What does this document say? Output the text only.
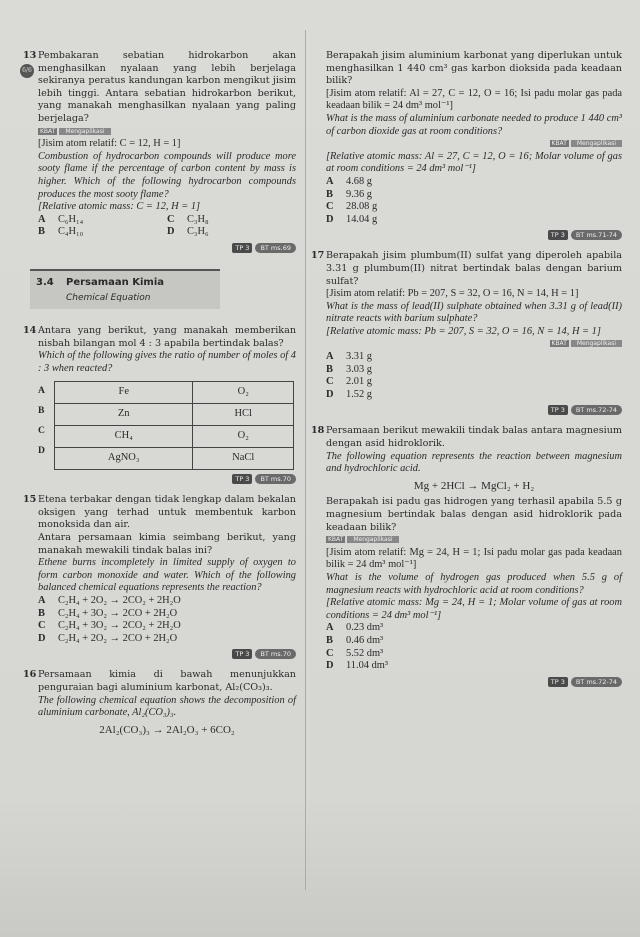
13
6/6
Pembakaran sebatian hidrokarbon akan menghasilkan nyalaan yang lebih berjelaga sekiranya peratus kandungan karbon mengikut jisim lebih tinggi. Antara sebatian hidrokarbon berikut, yang manakah menghasilkan nyalaan yang paling berjelaga?
KBAT Mengaplikasi
[Jisim atom relatif: C = 12, H = 1]
Combustion of hydrocarbon compounds will produce more sooty flame if the percentage of carbon content by mass is higher. Which of the following hydrocarbon compounds produces the most sooty flame?
[Relative atomic mass: C = 12, H = 1]
A C₆H₁₄	C C₃H₈
B C₄H₁₀	D C₃H₆
TP 3	BT ms.69
3.4 Persamaan Kimia
Chemical Equation
14 Antara yang berikut, yang manakah memberikan nisbah bilangan mol 4 : 3 apabila bertindak balas?
Which of the following gives the ratio of number of moles of 4 : 3 when reacted?
A
B
C
D
Fe	O₂
Zn	HCl
CH₄	O₂
AgNO₃	NaCl
TP 3	BT ms.70
15 Etena terbakar dengan tidak lengkap dalam bekalan oksigen yang terhad untuk membentuk karbon monoksida dan air.
Antara persamaan kimia seimbang berikut, yang manakah mewakili tindak balas ini?
Ethene burns incompletely in limited supply of oxygen to form carbon monoxide and water. Which of the following balanced chemical equations represents the reaction?
A C₂H₄ + 2O₂ → 2CO₂ + 2H₂O
B C₂H₄ + 3O₂ → 2CO + 2H₂O
C C₂H₄ + 3O₂ → 2CO₂ + 2H₂O
D C₂H₄ + 2O₂ → 2CO + 2H₂O
TP 3	BT ms.70
16 Persamaan kimia di bawah menunjukkan penguraian bagi aluminium karbonat, Al₂(CO₃)₃.
The following chemical equation shows the decomposition of aluminium carbonate, Al₂(CO₃)₃.
2Al₂(CO₃)₃ → 2Al₂O₃ + 6CO₂
Berapakah jisim aluminium karbonat yang diperlukan untuk menghasilkan 1 440 cm³ gas karbon dioksida pada keadaan bilik?
[Jisim atom relatif: Al = 27, C = 12, O = 16; Isi padu molar gas pada keadaan bilik = 24 dm³ mol⁻¹]
What is the mass of aluminium carbonate needed to produce 1 440 cm³ of carbon dioxide gas at room conditions?
KBAT Mengaplikasi
[Relative atomic mass: Al = 27, C = 12, O = 16; Molar volume of gas at room conditions = 24 dm³ mol⁻¹]
A 4.68 g
B 9.36 g
C 28.08 g
D 14.04 g
TP 3	BT ms.71-74
17 Berapakah jisim plumbum(II) sulfat yang diperoleh apabila 3.31 g plumbum(II) nitrat bertindak balas dengan barium sulfat?
[Jisim atom relatif: Pb = 207, S = 32, O = 16, N = 14, H = 1]
What is the mass of lead(II) sulphate obtained when 3.31 g of lead(II) nitrate reacts with barium sulphate?
[Relative atomic mass: Pb = 207, S = 32, O = 16, N = 14, H = 1]
KBAT Mengaplikasi
A 3.31 g
B 3.03 g
C 2.01 g
D 1.52 g
TP 3	BT ms.72-74
18 Persamaan berikut mewakili tindak balas antara magnesium dengan asid hidroklorik.
The following equation represents the reaction between magnesium and hydrochloric acid.
Mg + 2HCl → MgCl₂ + H₂
Berapakah isi padu gas hidrogen yang terhasil apabila 5.5 g magnesium bertindak balas dengan asid hidroklorik pada keadaan bilik?
KBAT Mengaplikasi
[Jisim atom relatif: Mg = 24, H = 1; Isi padu molar gas pada keadaan bilik = 24 dm³ mol⁻¹]
What is the volume of hydrogen gas produced when 5.5 g of magnesium reacts with hydrochloric acid at room conditions?
[Relative atomic mass: Mg = 24, H = 1; Molar volume of gas at room conditions = 24 dm³ mol⁻¹]
A 0.23 dm³
B 0.46 dm³
C 5.52 dm³
D 11.04 dm³
TP 3	BT ms.72-74
